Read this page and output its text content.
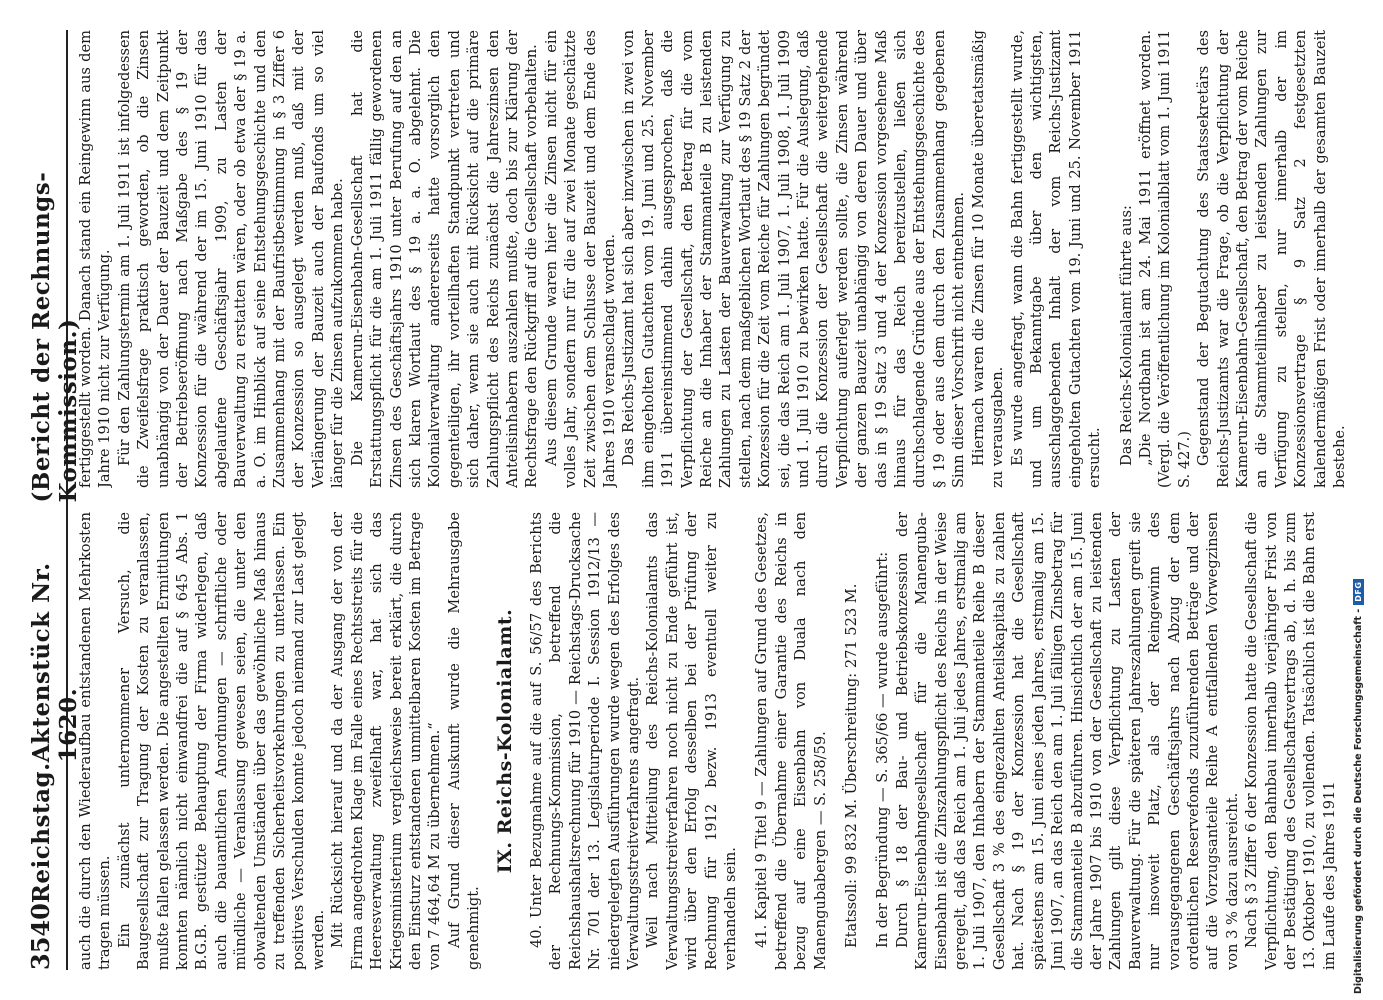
3540
Reichstag.
Aktenstück Nr. 1620.
(Bericht der Rechnungs-Kommission.)

auch die durch den Wiederaufbau entstandenen Mehrkosten tragen müssen. Ein zunächst unternommener Versuch, die Baugesellschaft zur Tragung der Kosten zu veranlassen, mußte fallen gelassen werden. Die angestellten Ermittlungen konnten nämlich nicht einwandfrei die auf § 645 Abs. 1 B.G.B. gestützte Behauptung der Firma widerlegen, daß auch die bauamtlichen Anordnungen — schriftliche oder mündliche — Veranlassung gewesen seien, die unter den obwaltenden Umständen über das gewöhnliche Maß hinaus zu treffenden Sicherheitsvorkehrungen zu unterlassen. Ein positives Verschulden konnte jedoch niemand zur Last gelegt werden. Mit Rücksicht hierauf und da der Ausgang der von der Firma angedrohten Klage im Falle eines Rechtsstreits für die Heeresverwaltung zweifelhaft war, hat sich das Kriegsministerium vergleichsweise bereit erklärt, die durch den Einsturz entstandenen unmittelbaren Kosten im Betrage von 7 464,64 M zu übernehmen.“ Auf Grund dieser Auskunft wurde die Mehrausgabe genehmigt.

IX. Reichs-Kolonialamt. 40. Unter Bezugnahme auf die auf S. 56/57 des Berichts der Rechnungs-Kommission, betreffend die Reichshaushaltsrechnung für 1910 — Reichstags-Drucksache Nr. 701 der 13. Legislaturperiode I. Session 1912/13 — niedergelegten Ausführungen wurde wegen des Erfolges des Verwaltungsstreitverfahrens angefragt. Weil nach Mitteilung des Reichs-Kolonialamts das Verwaltungsstreitverfahren noch nicht zu Ende geführt ist, wird über den Erfolg desselben bei der Prüfung der Rechnung für 1912 bezw. 1913 eventuell weiter zu verhandeln sein. 41. Kapitel 9 Titel 9 — Zahlungen auf Grund des Gesetzes, betreffend die Übernahme einer Garantie des Reichs in bezug auf eine Eisenbahn von Duala nach den Manengubabergen — S. 258/59. Etatssoll: 99 832 M. Überschreitung: 271 523 M. In der Begründung — S. 365/66 — wurde ausgeführt: Durch § 18 der Bau- und Betriebskonzession der Kamerun-Eisenbahngesellschaft für die Manenguba-Eisenbahn ist die Zinszahlungspflicht des Reichs in der Weise geregelt, daß das Reich am 1. Juli jedes Jahres, erstmalig am 1. Juli 1907, den Inhabern der Stammanteile Reihe B dieser Gesellschaft 3 % des eingezahlten Anteilskapitals zu zahlen hat. Nach § 19 der Konzession hat die Gesellschaft spätestens am 15. Juni eines jeden Jahres, erstmalig am 15. Juni 1907, an das Reich den am 1. Juli fälligen Zinsbetrag für die Stammanteile B abzuführen. Hinsichtlich der am 15. Juni der Jahre 1907 bis 1910 von der Gesellschaft zu leistenden Zahlungen gilt diese Verpflichtung zu Lasten der Bauverwaltung. Für die späteren Jahreszahlungen greift sie nur insoweit Platz, als der Reingewinn des vorausgegangenen Geschäftsjahrs nach Abzug der dem ordentlichen Reservefonds zuzuführenden Beträge und der auf die Vorzugsanteile Reihe A entfallenden Vorwegzinsen von 3 % dazu ausreicht. Nach § 3 Ziffer 6 der Konzession hatte die Gesellschaft die Verpflichtung, den Bahnbau innerhalb vierjähriger Frist von der Bestätigung des Gesellschaftsvertrags ab, d. h. bis zum 13. Oktober 1910, zu vollenden. Tatsächlich ist die Bahn erst im Laufe des Jahres 1911

fertiggestellt worden. Danach stand ein Reingewinn aus dem Jahre 1910 nicht zur Verfügung. Für den Zahlungstermin am 1. Juli 1911 ist infolgedessen die Zweifelsfrage praktisch geworden, ob die Zinsen unabhängig von der Dauer der Bauzeit und dem Zeitpunkt der Betriebseröffnung nach Maßgabe des § 19 der Konzession für die während der im 15. Juni 1910 für das abgelaufene Geschäftsjahr 1909, zu Lasten der Bauverwaltung zu erstatten wären, oder ob etwa der § 19 a. a. O. im Hinblick auf seine Entstehungsgeschichte und den Zusammenhang mit der Baufristbestimmung in § 3 Ziffer 6 der Konzession so ausgelegt werden muß, daß mit der Verlängerung der Bauzeit auch der Baufonds um so viel länger für die Zinsen aufzukommen habe. Die Kamerun-Eisenbahn-Gesellschaft hat die Erstattungspflicht für die am 1. Juli 1911 fällig gewordenen Zinsen des Geschäftsjahrs 1910 unter Berufung auf den an sich klaren Wortlaut des § 19 a. a. O. abgelehnt. Die Kolonialverwaltung andererseits hatte vorsorglich den gegenteiligen, ihr vorteilhaften Standpunkt vertreten und sich daher, wenn sie auch mit Rücksicht auf die primäre Zahlungspflicht des Reichs zunächst die Jahreszinsen den Anteilsinhabern auszahlen mußte, doch bis zur Klärung der Rechtsfrage den Rückgriff auf die Gesellschaft vorbehalten. Aus diesem Grunde waren hier die Zinsen nicht für ein volles Jahr, sondern nur für die auf zwei Monate geschätzte Zeit zwischen dem Schlusse der Bauzeit und dem Ende des Jahres 1910 veranschlagt worden. Das Reichs-Justizamt hat sich aber inzwischen in zwei von ihm eingeholten Gutachten vom 19. Juni und 25. November 1911 übereinstimmend dahin ausgesprochen, daß die Verpflichtung der Gesellschaft, den Betrag für die vom Reiche an die Inhaber der Stammanteile B zu leistenden Zahlungen zu Lasten der Bauverwaltung zur Verfügung zu stellen, nach dem maßgeblichen Wortlaut des § 19 Satz 2 der Konzession für die Zeit vom Reiche für Zahlungen begründet sei, die das Reich am 1. Juli 1907, 1. Juli 1908, 1. Juli 1909 und 1. Juli 1910 zu bewirken hatte. Für die Auslegung, daß durch die Konzession der Gesellschaft die weitergehende Verpflichtung auferlegt werden sollte, die Zinsen während der ganzen Bauzeit unabhängig von deren Dauer und über das in § 19 Satz 3 und 4 der Konzession vorgesehene Maß hinaus für das Reich bereitzustellen, ließen sich durchschlagende Gründe aus der Entstehungsgeschichte des § 19 oder aus dem durch den Zusammenhang gegebenen Sinn dieser Vorschrift nicht entnehmen. Hiernach waren die Zinsen für 10 Monate überetatsmäßig zu verausgaben. Es wurde angefragt, wann die Bahn fertiggestellt wurde, und um Bekanntgabe über den wichtigsten, ausschlaggebenden Inhalt der vom Reichs-Justizamt eingeholten Gutachten vom 19. Juni und 25. November 1911 ersucht. Das Reichs-Kolonialamt führte aus: „Die Nordbahn ist am 24. Mai 1911 eröffnet worden. (Vergl. die Veröffentlichung im Kolonialblatt vom 1. Juni 1911 S. 427.) Gegenstand der Begutachtung des Staatssekretärs des Reichs-Justizamts war die Frage, ob die Verpflichtung der Kamerun-Eisenbahn-Gesellschaft, den Betrag der vom Reiche an die Stammteilinhaber zu leistenden Zahlungen zur Verfügung zu stellen, nur innerhalb der im Konzessionsvertrage § 9 Satz 2 festgesetzten kalendermäßigen Frist oder innerhalb der gesamten Bauzeit bestehe.

Digitalisierung gefördert durch die Deutsche Forschungsgemeinschaft -
DFG
